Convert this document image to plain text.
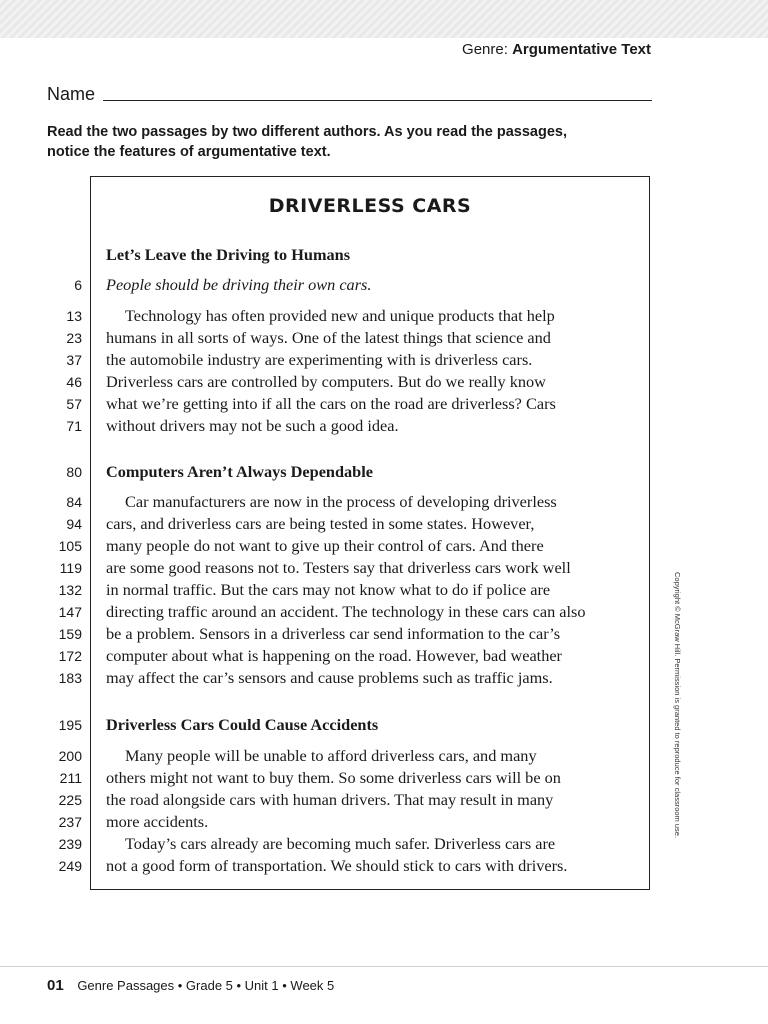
Genre: Argumentative Text
Name
Read the two passages by two different authors. As you read the passages, notice the features of argumentative text.
DRIVERLESS CARS
Let’s Leave the Driving to Humans
6 People should be driving their own cars.
13	Technology has often provided new and unique products that help
23 humans in all sorts of ways. One of the latest things that science and
37 the automobile industry are experimenting with is driverless cars.
46 Driverless cars are controlled by computers. But do we really know
57 what we’re getting into if all the cars on the road are driverless? Cars
71 without drivers may not be such a good idea.
80 Computers Aren’t Always Dependable
84	Car manufacturers are now in the process of developing driverless
94 cars, and driverless cars are being tested in some states. However,
105 many people do not want to give up their control of cars. And there
119 are some good reasons not to. Testers say that driverless cars work well
132 in normal traffic. But the cars may not know what to do if police are
147 directing traffic around an accident. The technology in these cars can also
159 be a problem. Sensors in a driverless car send information to the car’s
172 computer about what is happening on the road. However, bad weather
183 may affect the car’s sensors and cause problems such as traffic jams.
195 Driverless Cars Could Cause Accidents
200	Many people will be unable to afford driverless cars, and many
211 others might not want to buy them. So some driverless cars will be on
225 the road alongside cars with human drivers. That may result in many
237 more accidents.
239	Today’s cars already are becoming much safer. Driverless cars are
249 not a good form of transportation. We should stick to cars with drivers.
Copyright © McGraw Hill. Permission is granted to reproduce for classroom use.
01 Genre Passages • Grade 5 • Unit 1 • Week 5
